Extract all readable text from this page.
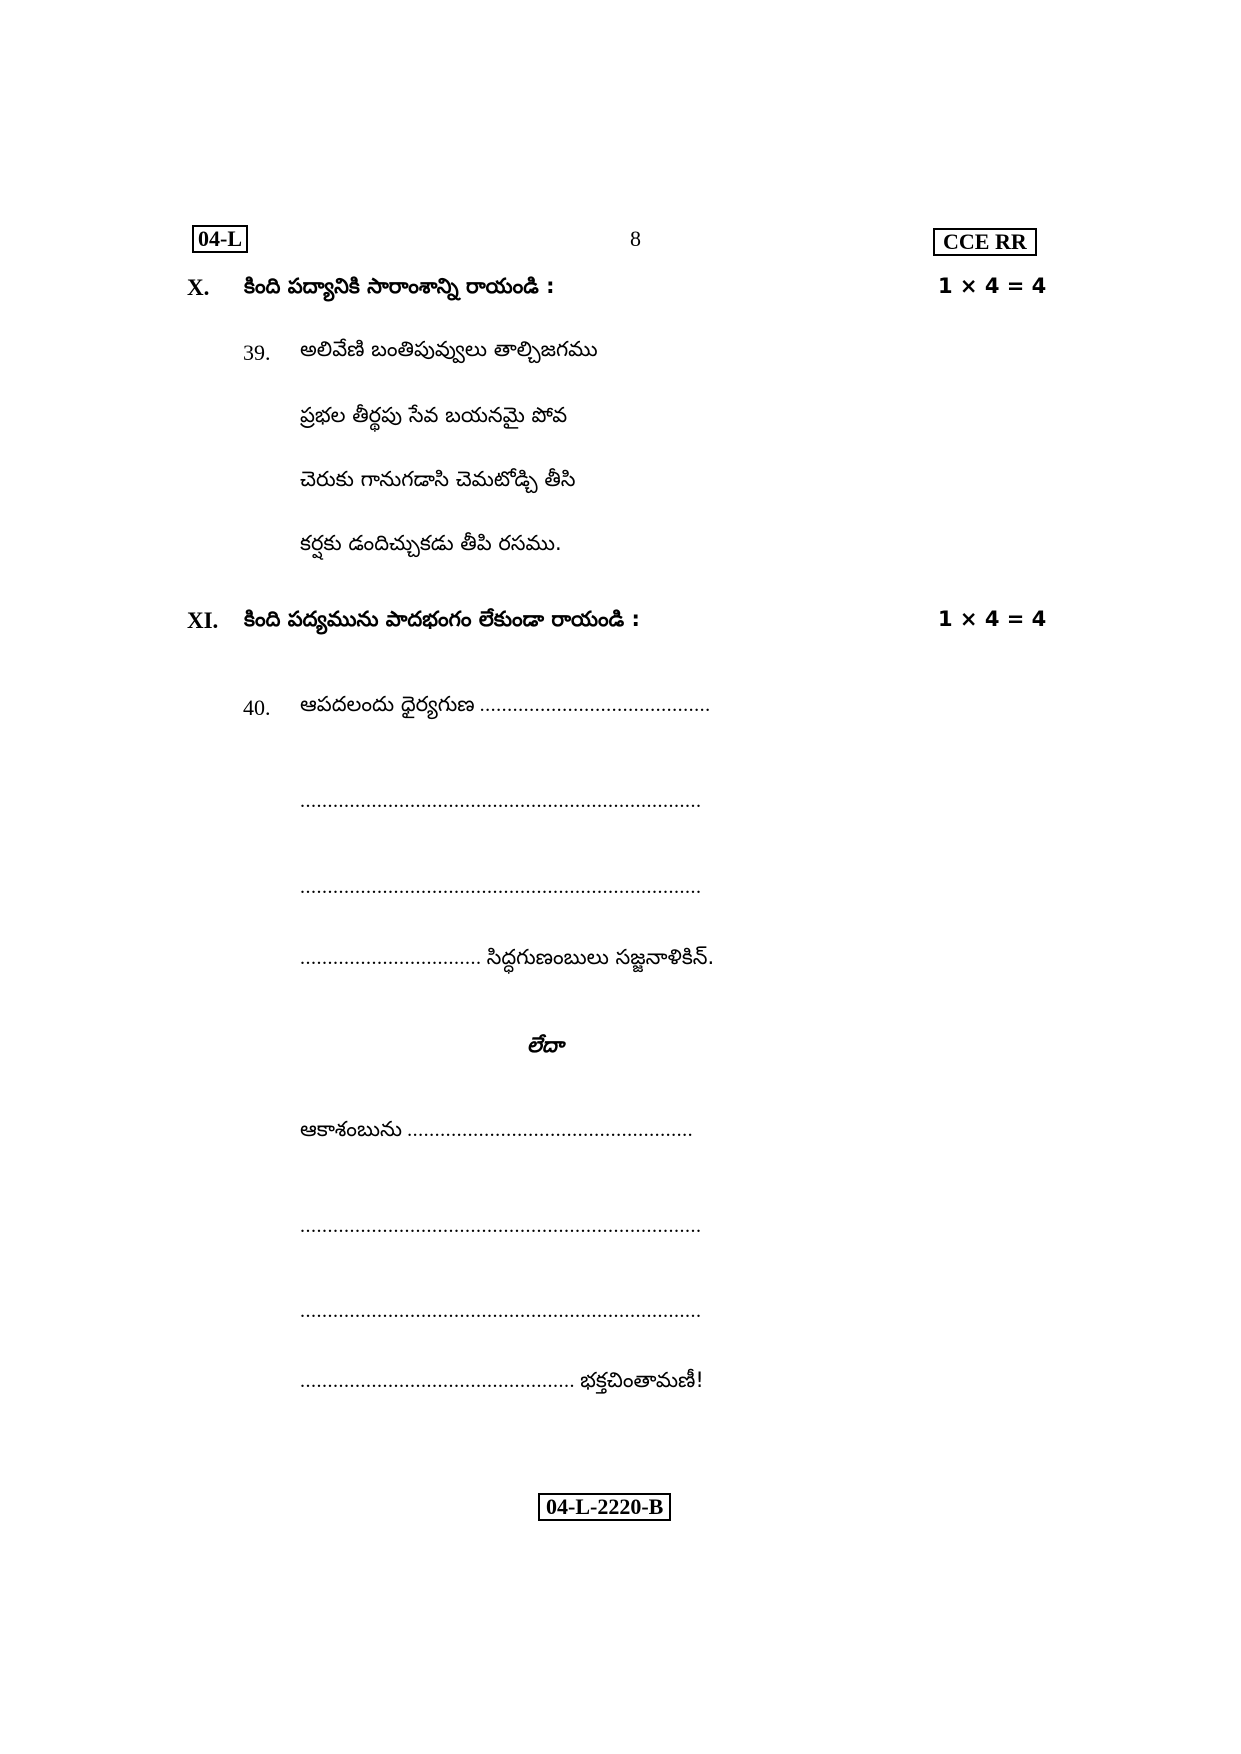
04-L	8	CCE RR
X. కింది పద్యానికి సారాంశాన్ని రాయండి :	1 × 4 = 4
39. అలివేణి బంతిపువ్వులు తాల్చిజగము
ప్రభల తీర్థపు సేవ బయనమై పోవ
చెరుకు గానుగడాసి చెమటోడ్చి తీసి
కర్షకు డందిచ్చుకడు తీపి రసము.
XI. కింది పద్యమును పాదభంగం లేకుండా రాయండి :	1 × 4 = 4
40. ఆపదలందు ధైర్యగుణ ..........................................
.........................................................................
.........................................................................
................................. సిద్ధగుణంబులు సజ్జనాళికిన్.
లేదా
ఆకాశంబును ....................................................
.........................................................................
.........................................................................
.................................................. భక్తచింతామణీ!
04-L-2220-B
